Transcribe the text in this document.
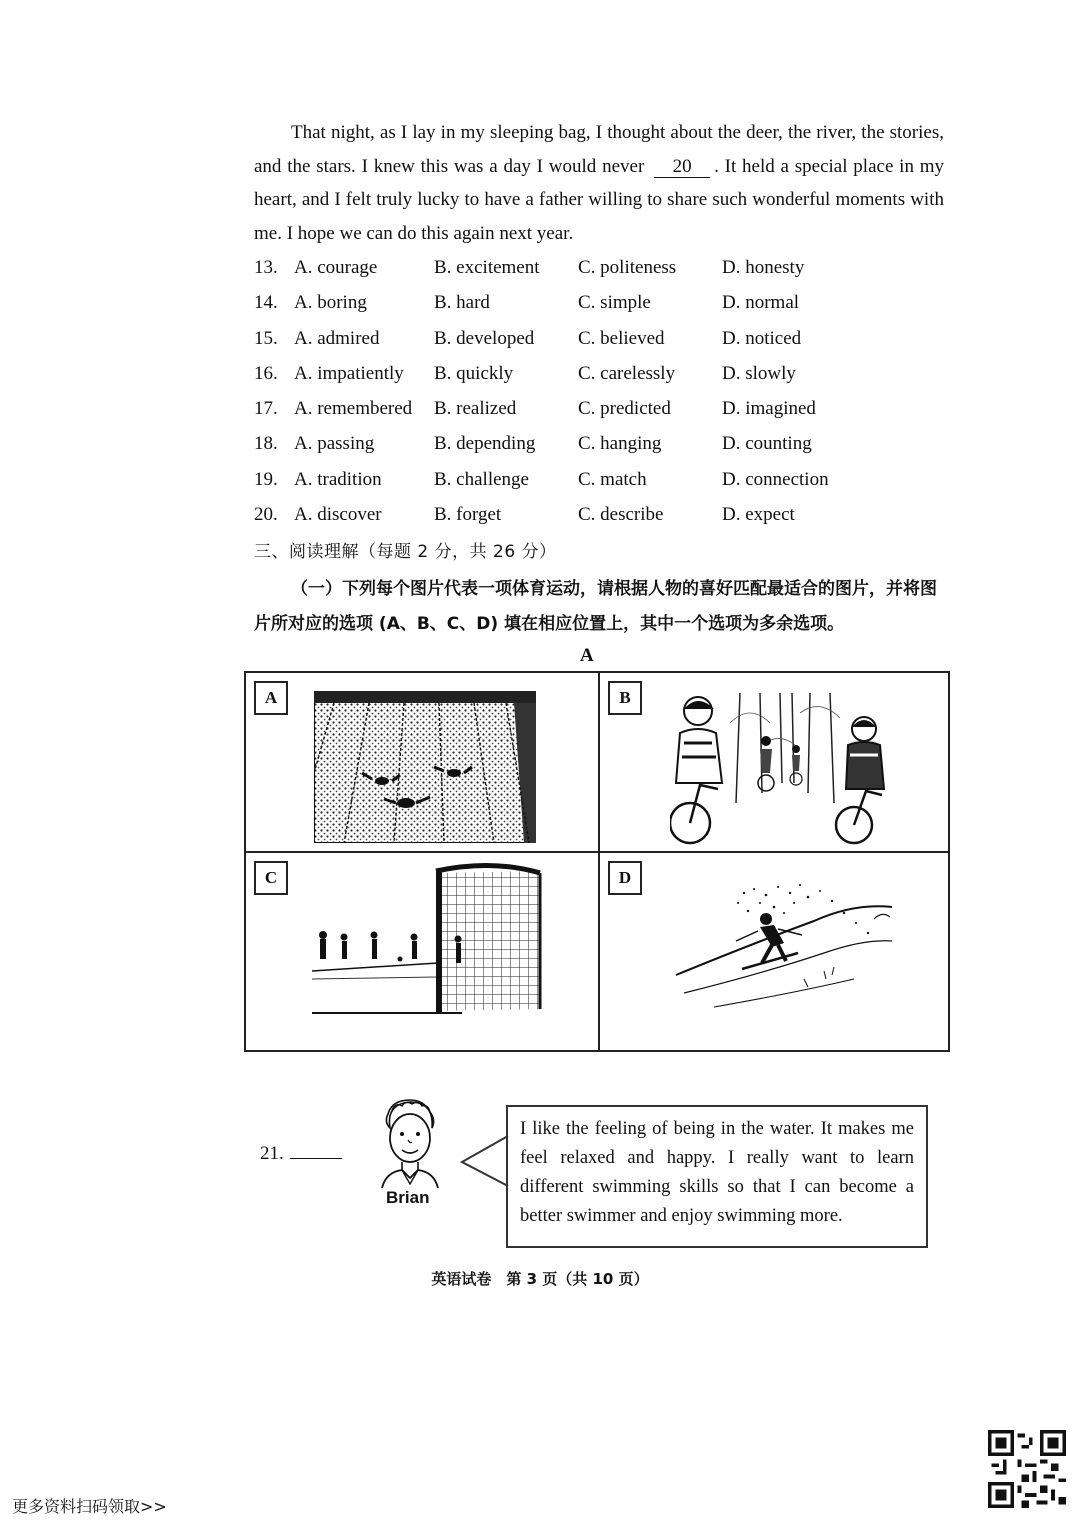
That night, as I lay in my sleeping bag, I thought about the deer, the river, the stories, and the stars. I knew this was a day I would never 20 . It held a special place in my heart, and I felt truly lucky to have a father willing to share such wonderful moments with me. I hope we can do this again next year.
13. A. courage	B. excitement C. politeness D. honesty
14. A. boring	B. hard	C. simple	D. normal
15. A. admired	B. developed C. believed	D. noticed
16. A. impatiently B. quickly	C. carelessly D. slowly
17. A. remembered B. realized	C. predicted	D. imagined
18. A. passing	B. depending C. hanging	D. counting
19. A. tradition	B. challenge	C. match	D. connection
20. A. discover	B. forget	C. describe	D. expect
三、阅读理解（每题 2 分，共 26 分）
（一）下列每个图片代表一项体育运动，请根据人物的喜好匹配最适合的图片，并将图片所对应的选项 (A、B、C、D) 填在相应位置上，其中一个选项为多余选项。
A
A	B
C	D
21.
Brian
I like the feeling of being in the water. It makes me feel relaxed and happy. I really want to learn different swimming skills so that I can become a better swimmer and enjoy swimming more.
英语试卷　第 3 页（共 10 页）
更多资料扫码领取>>
